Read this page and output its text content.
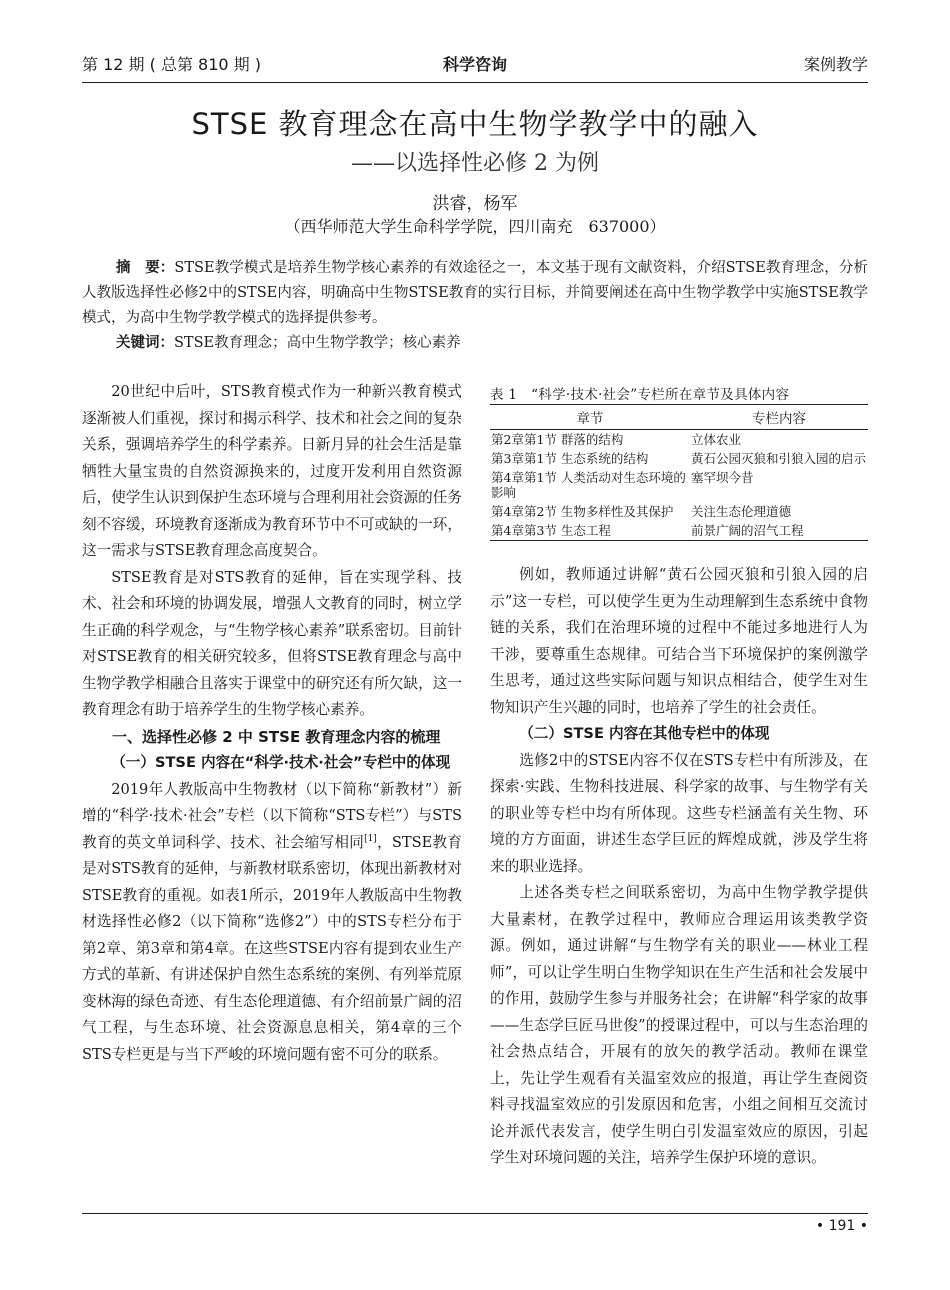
第 12 期 ( 总第 810 期 )	科学咨询	案例教学
STSE 教育理念在高中生物学教学中的融入
——以选择性必修 2 为例
洪睿，杨军
（西华师范大学生命科学学院，四川南充　637000）
摘　要：STSE教学模式是培养生物学核心素养的有效途径之一，本文基于现有文献资料，介绍STSE教育理念，分析人教版选择性必修2中的STSE内容，明确高中生物STSE教育的实行目标，并简要阐述在高中生物学教学中实施STSE教学模式，为高中生物学教学模式的选择提供参考。
关键词：STSE教育理念；高中生物学教学；核心素养

20世纪中后叶，STS教育模式作为一种新兴教育模式逐渐被人们重视，探讨和揭示科学、技术和社会之间的复杂关系，强调培养学生的科学素养。日新月异的社会生活是靠牺牲大量宝贵的自然资源换来的，过度开发利用自然资源后，使学生认识到保护生态环境与合理利用社会资源的任务刻不容缓，环境教育逐渐成为教育环节中不可或缺的一环，这一需求与STSE教育理念高度契合。

STSE教育是对STS教育的延伸，旨在实现学科、技术、社会和环境的协调发展，增强人文教育的同时，树立学生正确的科学观念，与“生物学核心素养”联系密切。目前针对STSE教育的相关研究较多，但将STSE教育理念与高中生物学教学相融合且落实于课堂中的研究还有所欠缺，这一教育理念有助于培养学生的生物学核心素养。

一、选择性必修 2 中 STSE 教育理念内容的梳理

（一）STSE 内容在“科学·技术·社会”专栏中的体现

2019年人教版高中生物教材（以下简称“新教材”）新增的“科学·技术·社会”专栏（以下简称“STS专栏”）与STS教育的英文单词科学、技术、社会缩写相同[1]，STSE教育是对STS教育的延伸，与新教材联系密切，体现出新教材对STSE教育的重视。如表1所示，2019年人教版高中生物教材选择性必修2（以下简称“选修2”）中的STS专栏分布于第2章、第3章和第4章。在这些STSE内容有提到农业生产方式的革新、有讲述保护自然生态系统的案例、有列举荒原变林海的绿色奇迹、有生态伦理道德、有介绍前景广阔的沼气工程，与生态环境、社会资源息息相关，第4章的三个STS专栏更是与当下严峻的环境问题有密不可分的联系。

表 1　“科学·技术·社会”专栏所在章节及具体内容
章节	专栏内容
第2章第1节 群落的结构	立体农业
第3章第1节 生态系统的结构	黄石公园灭狼和引狼入园的启示
第4章第1节 人类活动对生态环境的影响	塞罕坝今昔
第4章第2节 生物多样性及其保护	关注生态伦理道德
第4章第3节 生态工程	前景广阔的沼气工程

例如，教师通过讲解“黄石公园灭狼和引狼入园的启示”这一专栏，可以使学生更为生动理解到生态系统中食物链的关系，我们在治理环境的过程中不能过多地进行人为干涉，要尊重生态规律。可结合当下环境保护的案例激学生思考，通过这些实际问题与知识点相结合，使学生对生物知识产生兴趣的同时，也培养了学生的社会责任。

（二）STSE 内容在其他专栏中的体现

选修2中的STSE内容不仅在STS专栏中有所涉及，在探索·实践、生物科技进展、科学家的故事、与生物学有关的职业等专栏中均有所体现。这些专栏涵盖有关生物、环境的方方面面，讲述生态学巨匠的辉煌成就，涉及学生将来的职业选择。

上述各类专栏之间联系密切，为高中生物学教学提供大量素材，在教学过程中，教师应合理运用该类教学资源。例如，通过讲解“与生物学有关的职业——林业工程师”，可以让学生明白生物学知识在生产生活和社会发展中的作用，鼓励学生参与并服务社会；在讲解“科学家的故事——生态学巨匠马世俊”的授课过程中，可以与生态治理的社会热点结合，开展有的放矢的教学活动。教师在课堂上，先让学生观看有关温室效应的报道，再让学生查阅资料寻找温室效应的引发原因和危害，小组之间相互交流讨论并派代表发言，使学生明白引发温室效应的原因，引起学生对环境问题的关注，培养学生保护环境的意识。

• 191 •
